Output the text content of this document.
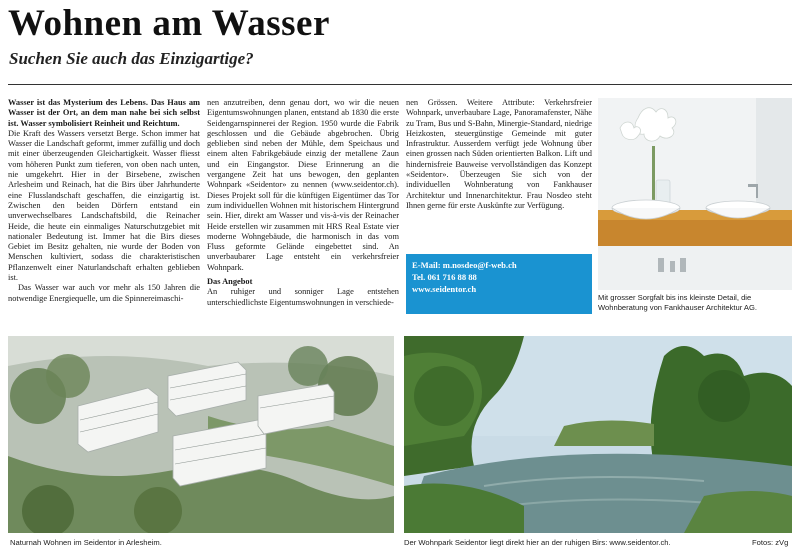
Wohnen am Wasser
Suchen Sie auch das Einzigartige?

Wasser ist das Mysterium des Lebens. Das Haus am Wasser ist der Ort, an dem man nahe bei sich selbst ist. Wasser symbolisiert Reinheit und Reichtum.

Die Kraft des Wassers versetzt Berge. Schon immer hat Wasser die Landschaft geformt, immer zufällig und doch mit einer überzeugenden Gleichartigkeit. Wasser fliesst vom höheren Punkt zum tieferen, von oben nach unten, nie umgekehrt. Hier in der Birsebene, zwischen Arlesheim und Reinach, hat die Birs über Jahrhunderte eine Flusslandschaft geschaffen, die einzigartig ist. Zwischen den beiden Dörfern entstand ein unverwechselbares Landschaftsbild, die Reinacher Heide, die heute ein einmaliges Naturschutzgebiet mit nationaler Bedeutung ist. Immer hat die Birs dieses Gebiet im Besitz gehalten, nie wurde der Boden von Menschen kultiviert, sodass die charakteristischen Pflanzenwelt einer Naturlandschaft erhalten geblieben ist.

Das Wasser war auch vor mehr als 150 Jahren die notwendige Energiequelle, um die Spinnereimaschi-

nen anzutreiben, denn genau dort, wo wir die neuen Eigentumswohnungen planen, entstand ab 1830 die erste Seidengarnspinnerei der Region. 1950 wurde die Fabrik geschlossen und die Gebäude abgebrochen. Übrig geblieben sind neben der Mühle, dem Speichaus und einem alten Fabrikgebäude einzig der metallene Zaun und ein Eingangstor. Diese Erinnerung an die vergangene Zeit hat uns bewogen, den geplanten Wohnpark «Seidentor» zu nennen (www.seidentor.ch). Dieses Projekt soll für die künftigen Eigentümer das Tor zum individuellen Wohnen mit historischem Hintergrund sein. Hier, direkt am Wasser und vis-à-vis der Reinacher Heide erstellen wir zusammen mit HRS Real Estate vier moderne Wohngebäude, die harmonisch in das vom Fluss geformte Gelände eingebettet sind. An unverbaubarer Lage entsteht ein verkehrsfreier Wohnpark.

Das Angebot

An ruhiger und sonniger Lage entstehen unterschiedlichste Eigentumswohnungen in verschiede-

nen Grössen. Weitere Attribute: Verkehrsfreier Wohnpark, unverbaubare Lage, Panoramafenster, Nähe zu Tram, Bus und S-Bahn, Minergie-Standard, niedrige Heizkosten, steuergünstige Gemeinde mit guter Infrastruktur. Ausserdem verfügt jede Wohnung über einen grossen nach Süden orientierten Balkon. Lift und hindernisfreie Bauweise vervollständigen das Konzept «Seidentor». Überzeugen Sie sich von der individuellen Wohnberatung von Fankhauser Architektur und Innenarchitektur. Frau Nosdeo steht Ihnen gerne für erste Auskünfte zur Verfügung.

E-Mail: m.nosdeo@f-web.ch
Tel. 061 716 88 88
www.seidentor.ch
Mit grosser Sorgfalt bis ins kleinste Detail, die Wohnberatung von Fankhauser Architektur AG.
Naturnah Wohnen im Seidentor in Arlesheim.	Der Wohnpark Seidentor liegt direkt hier an der ruhigen Birs: www.seidentor.ch.	Fotos: zVg
